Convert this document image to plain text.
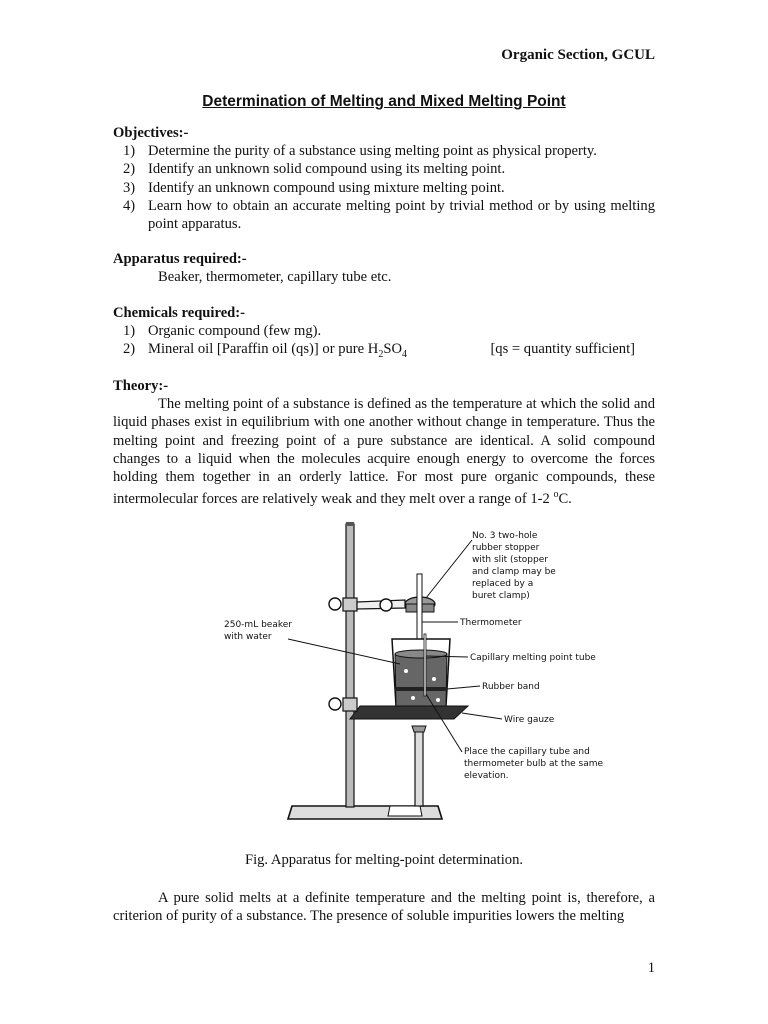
Organic Section, GCUL
Determination of Melting and Mixed Melting Point
Objectives:-
1) Determine the purity of a substance using melting point as physical property.
2) Identify an unknown solid compound using its melting point.
3) Identify an unknown compound using mixture melting point.
4) Learn how to obtain an accurate melting point by trivial method or by using melting point apparatus.
Apparatus required:-
Beaker, thermometer, capillary tube etc.
Chemicals required:-
1) Organic compound (few mg).
2) Mineral oil [Paraffin oil (qs)] or pure $H_2SO_4$	[qs = quantity sufficient]
Theory:-

The melting point of a substance is defined as the temperature at which the solid and liquid phases exist in equilibrium with one another without change in temperature. Thus the melting point and freezing point of a pure substance are identical. A solid compound changes to a liquid when the molecules acquire enough energy to overcome the forces holding them together in an orderly lattice. For most pure organic compounds, these intermolecular forces are relatively weak and they melt over a range of 1-2 $^o$C.

No. 3 two-hole
rubber stopper
with slit (stopper
and clamp may be
replaced by a
buret clamp)
250-mL beaker
with water
Thermometer
Capillary melting point tube
Rubber band
Wire gauze
Place the capillary tube and
thermometer bulb at the same
elevation.
Fig. Apparatus for melting-point determination.

A pure solid melts at a definite temperature and the melting point is, therefore, a criterion of purity of a substance. The presence of soluble impurities lowers the melting

1
